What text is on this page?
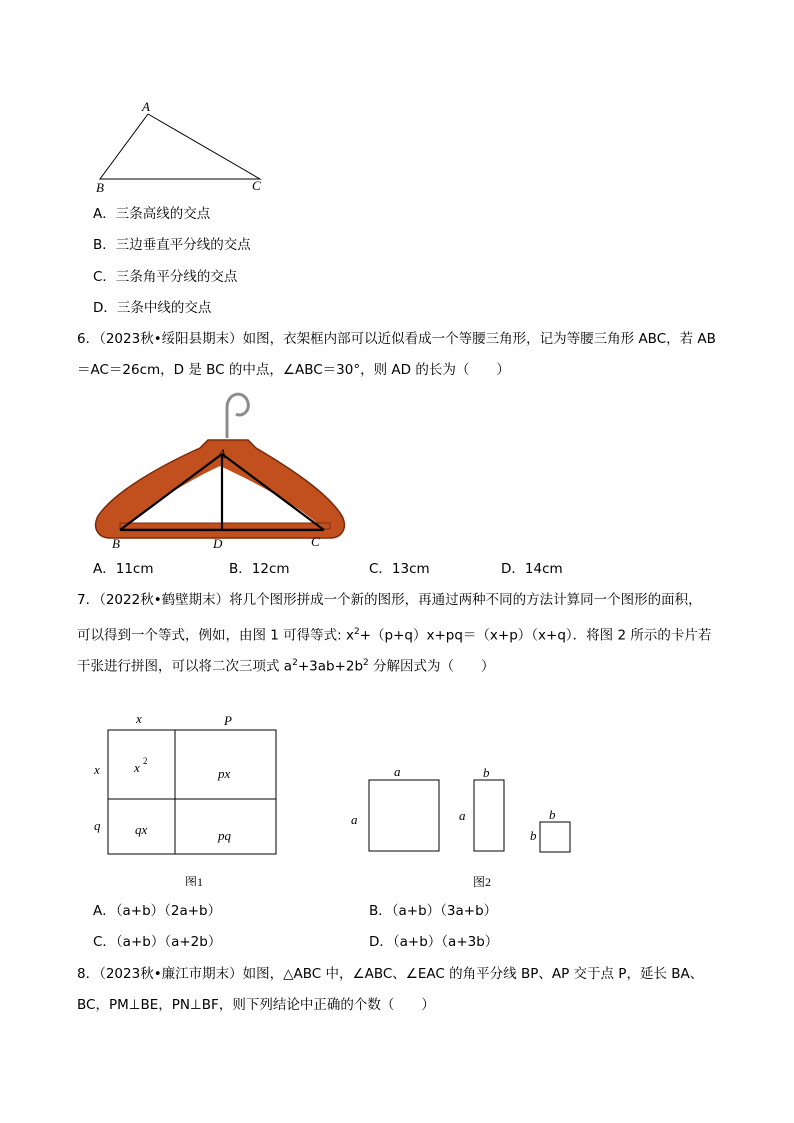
A
B	C
A．三条高线的交点
B．三边垂直平分线的交点
C．三条角平分线的交点
D．三条中线的交点
6．（2023秋•绥阳县期末）如图，衣架框内部可以近似看成一个等腰三角形，记为等腰三角形 ABC，若 AB
＝AC＝26cm，D 是 BC 的中点，∠ABC＝30°，则 AD 的长为（　　）
A
B	D	C
A．11cm	B．12cm	C．13cm	D．14cm
7．（2022秋•鹤壁期末）将几个图形拼成一个新的图形，再通过两种不同的方法计算同一个图形的面积，
可以得到一个等式，例如，由图 1 可得等式: $x^2+(p+q)x+pq=(x+p)(x+q)$．将图 2 所示的卡片若
干张进行拼图，可以将二次三项式 $a^2+3ab+2b^2$ 分解因式为（　　）
x	P
x
q
x 2
px
qx	pq
图1
a
a
b
a	b
b
图2
A．（a+b）（2a+b）	B．（a+b）（3a+b）
C．（a+b）（a+2b）	D．（a+b）（a+3b）
8．（2023秋•廉江市期末）如图，△ABC 中，∠ABC、∠EAC 的角平分线 BP、AP 交于点 P，延长 BA、
BC，PM⊥BE，PN⊥BF，则下列结论中正确的个数（　　）
